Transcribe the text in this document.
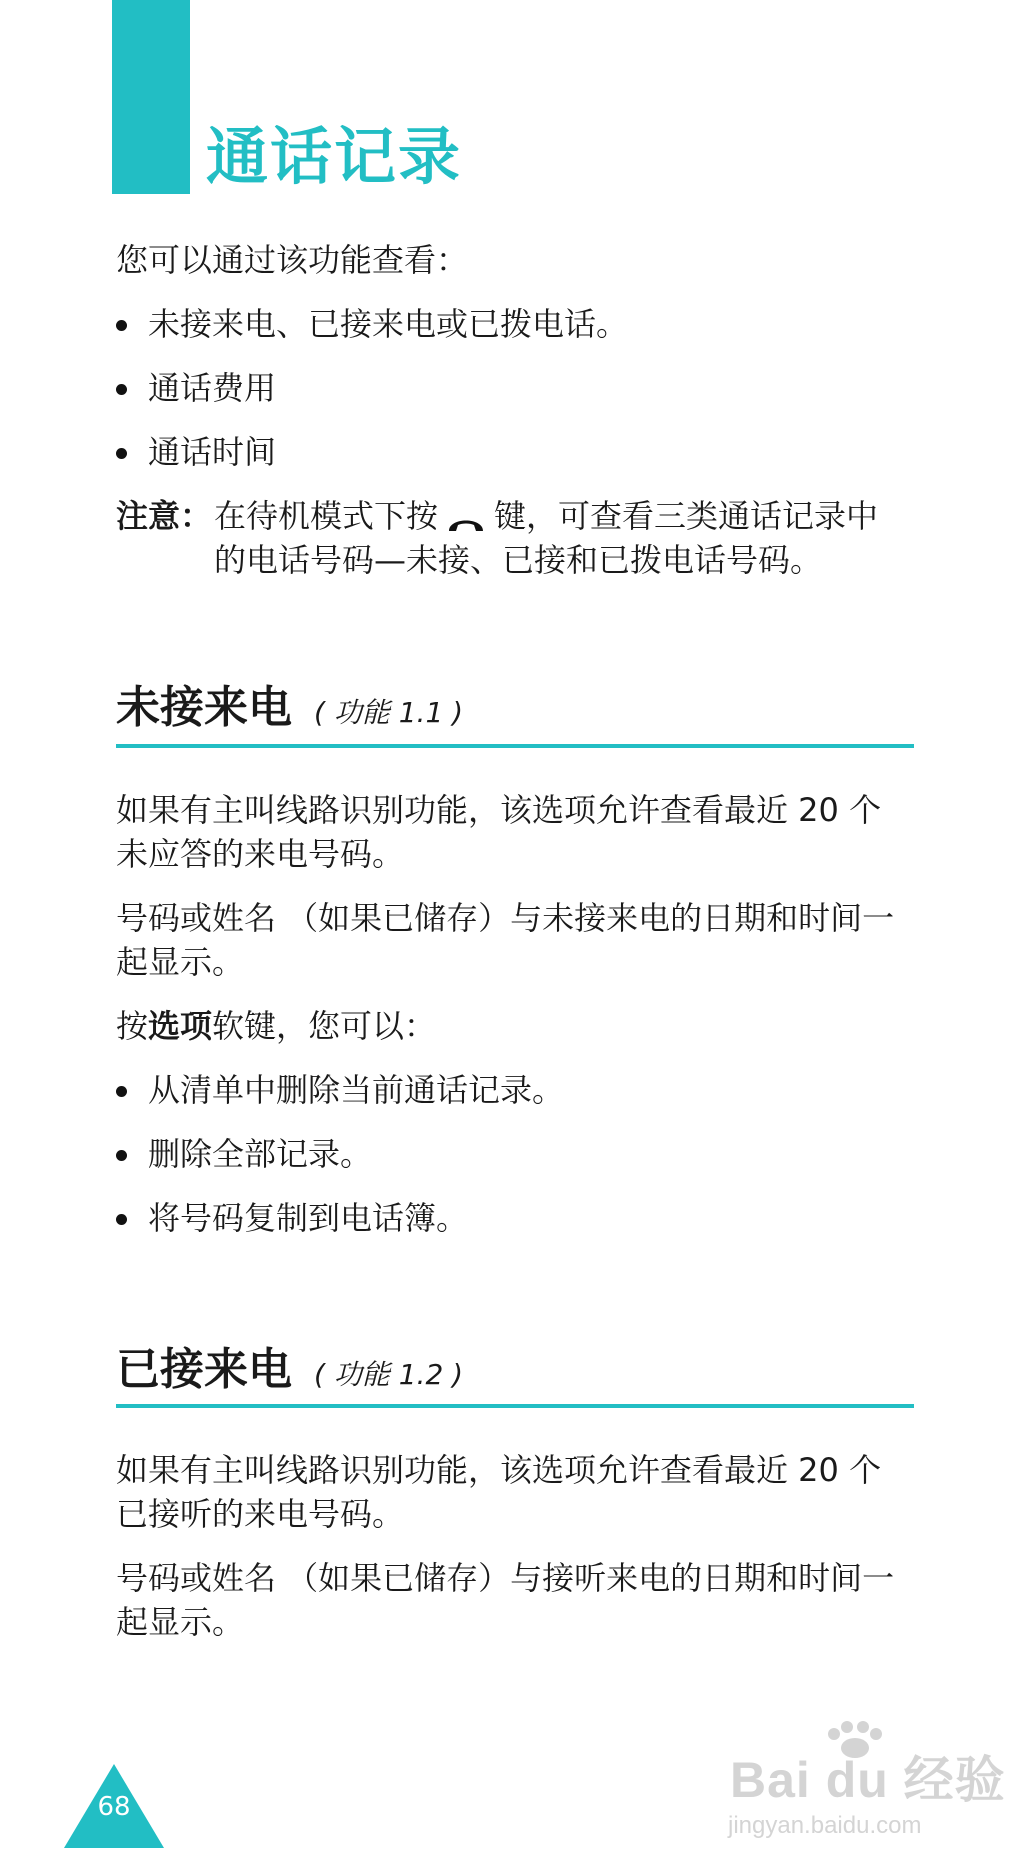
通话记录
您可以通过该功能查看：
未接来电、已接来电或已拨电话。
通话费用
通话时间
注意： 在待机模式下按 键，可查看三类通话记录中
的电话号码—未接、已接和已拨电话号码。
未接来电 ( 功能 1.1 )
如果有主叫线路识别功能，该选项允许查看最近 20 个未应答的来电号码。
号码或姓名 （如果已储存）与未接来电的日期和时间一起显示。
按选项软键，您可以：
从清单中删除当前通话记录。
删除全部记录。
将号码复制到电话簿。
已接来电 ( 功能 1.2 )
如果有主叫线路识别功能，该选项允许查看最近 20 个已接听的来电号码。
号码或姓名 （如果已储存）与接听来电的日期和时间一起显示。
68	Bai du 经验
jingyan.baidu.com
